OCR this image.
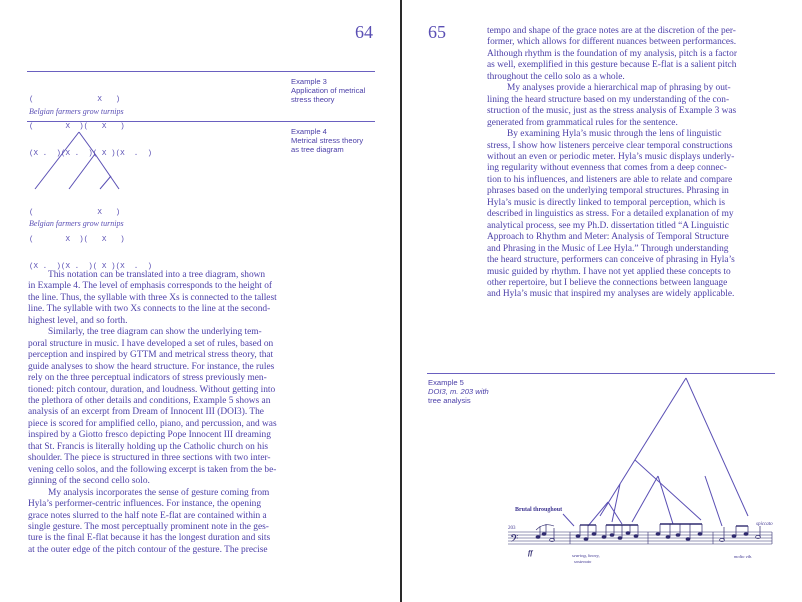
64

(              X   )

(       X  )(   X   )

(X .  )(X .  )( X )(X  .  )

Belgian farmers grow turnips
Example 3
Application of metrical
stress theory

(              X   )

(       X  )(   X   )

(X .  )(X .  )( X )(X  .  )

Belgian farmers grow turnips
Example 4
Metrical stress theory
as tree diagram
This notation can be translated into a tree diagram, shown
in Example 4. The level of emphasis corresponds to the height of
the line. Thus, the syllable with three Xs is connected to the tallest
line. The syllable with two Xs connects to the line at the second-
highest level, and so forth.
Similarly, the tree diagram can show the underlying tem-
poral structure in music. I have developed a set of rules, based on
perception and inspired by GTTM and metrical stress theory, that
guide analyses to show the heard structure. For instance, the rules
rely on the three perceptual indicators of stress previously men-
tioned: pitch contour, duration, and loudness. Without getting into
the plethora of other details and conditions, Example 5 shows an
analysis of an excerpt from Dream of Innocent III (DOI3). The
piece is scored for amplified cello, piano, and percussion, and was
inspired by a Giotto fresco depicting Pope Innocent III dreaming
that St. Francis is literally holding up the Catholic church on his
shoulder. The piece is structured in three sections with two inter-
vening cello solos, and the following excerpt is taken from the be-
ginning of the second cello solo.
My analysis incorporates the sense of gesture coming from
Hyla’s performer-centric influences. For instance, the opening
grace notes slurred to the half note E-flat are contained within a
single gesture. The most perceptually prominent note in the ges-
ture is the final E-flat because it has the longest duration and sits
at the outer edge of the pitch contour of the gesture. The precise
65	tempo and shape of the grace notes are at the discretion of the per-
former, which allows for different nuances between performances.
Although rhythm is the foundation of my analysis, pitch is a factor
as well, exemplified in this gesture because E-flat is a salient pitch
throughout the cello solo as a whole.
My analyses provide a hierarchical map of phrasing by out-
lining the heard structure based on my understanding of the con-
struction of the music, just as the stress analysis of Example 3 was
generated from grammatical rules for the sentence.
By examining Hyla’s music through the lens of linguistic
stress, I show how listeners perceive clear temporal constructions
without an even or periodic meter. Hyla’s music displays underly-
ing regularity without evenness that comes from a deep connec-
tion to his influences, and listeners are able to relate and compare
phrases based on the underlying temporal structures. Phrasing in
Hyla’s music is directly linked to temporal perception, which is
described in linguistics as stress. For a detailed explanation of my
analytical process, see my Ph.D. dissertation titled “A Linguistic
Approach to Rhythm and Meter: Analysis of Temporal Structure
and Phrasing in the Music of Lee Hyla.” Through understanding
the heard structure, performers can conceive of phrasing in Hyla’s
music guided by rhythm. I have not yet applied these concepts to
other repertoire, but I believe the connections between language
and Hyla’s music that inspired my analyses are widely applicable.
Example 5
DOI3, m. 203 with
tree analysis
Brutal throughout
203
spiccato
𝄢
ff	searing, heavy,
sostenuto
molto vib.
